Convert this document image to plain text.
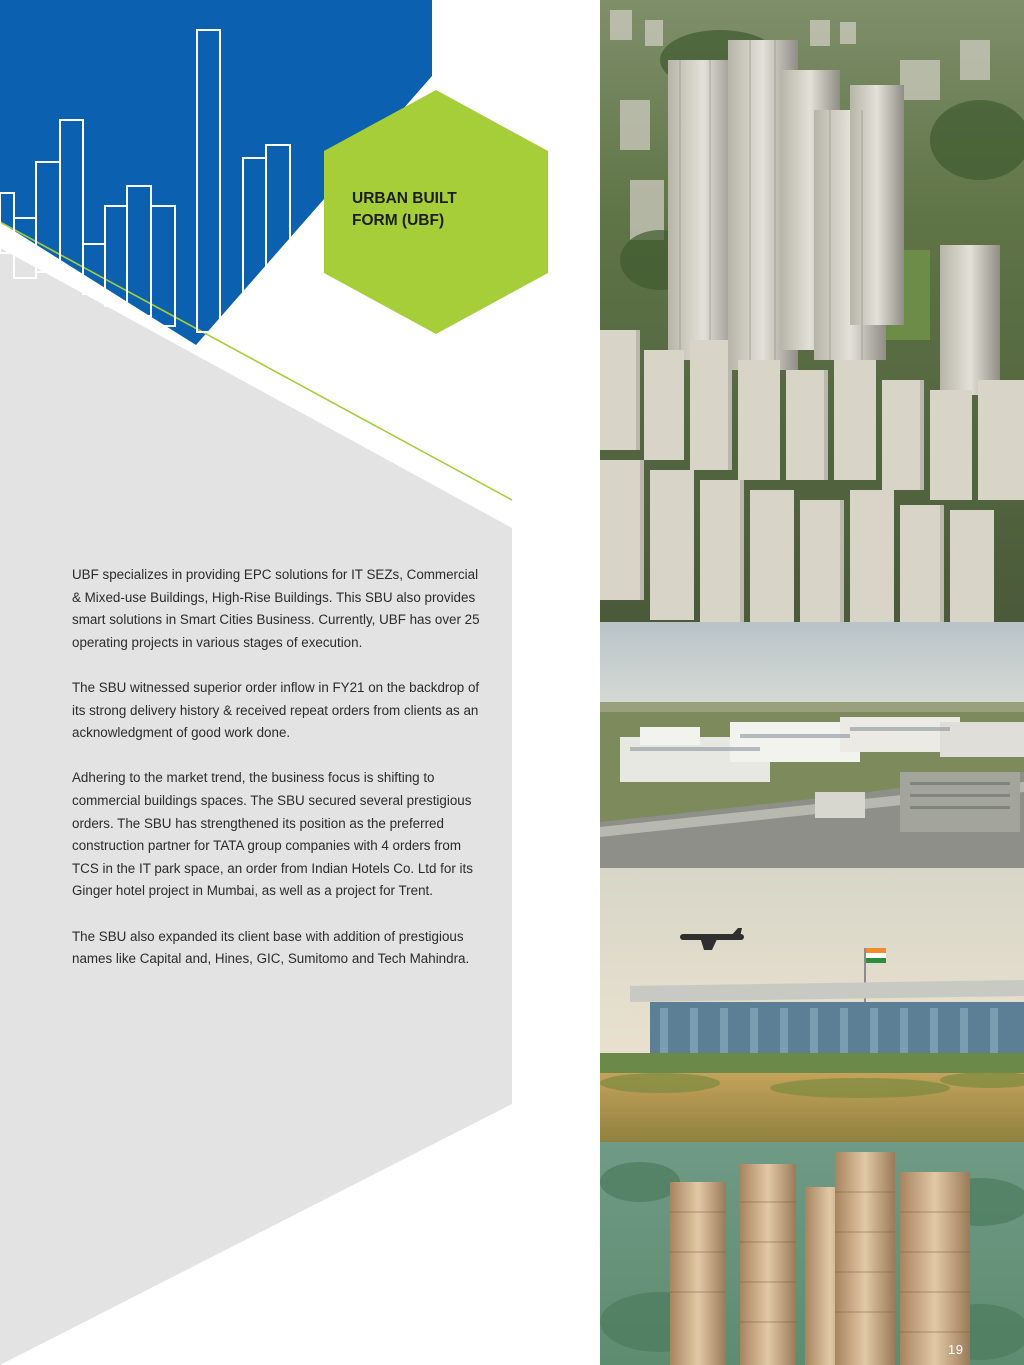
URBAN BUILT
FORM (UBF)

UBF specializes in providing EPC solutions for IT SEZs, Commercial & Mixed-use Buildings, High-Rise Buildings. This SBU also provides smart solutions in Smart Cities Business. Currently, UBF has over 25 operating projects in various stages of execution.

The SBU witnessed superior order inflow in FY21 on the backdrop of its strong delivery history & received repeat orders from clients as an acknowledgment of good work done.

Adhering to the market trend, the business focus is shifting to commercial buildings spaces. The SBU secured several prestigious orders. The SBU has strengthened its position as the preferred construction partner for TATA group companies with 4 orders from TCS in the IT park space, an order from Indian Hotels Co. Ltd for its Ginger hotel project in Mumbai, as well as a project for Trent.

The SBU also expanded its client base with addition of prestigious names like Capital and, Hines, GIC, Sumitomo and Tech Mahindra.

19
